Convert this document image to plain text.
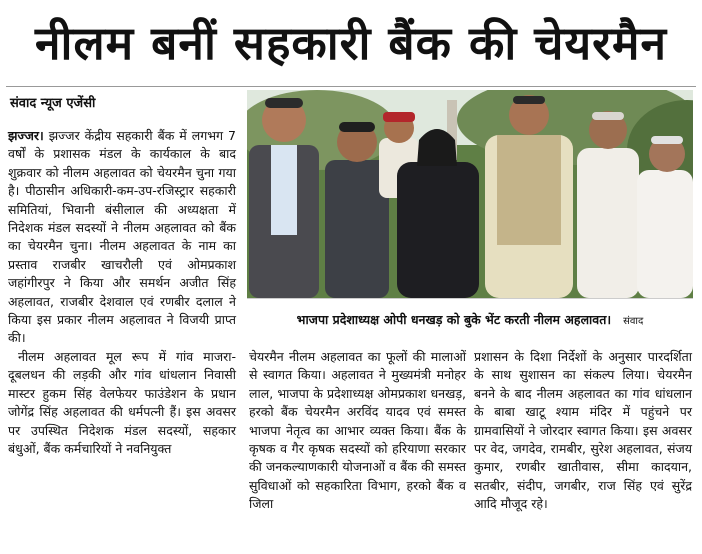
नीलम बनीं सहकारी बैंक की चेयरमैन
संवाद न्यूज एजेंसी

झज्जर। झज्जर केंद्रीय सहकारी बैंक में लगभग 7 वर्षों के प्रशासक मंडल के कार्यकाल के बाद शुक्रवार को नीलम अहलावत को चेयरमैन चुना गया है। पीठासीन अधिकारी-कम-उप-रजिस्ट्रार सहकारी समितियां, भिवानी बंसीलाल की अध्यक्षता में निदेशक मंडल सदस्यों ने नीलम अहलावत को बैंक का चेयरमैन चुना। नीलम अहलावत के नाम का प्रस्ताव राजबीर खाचरौली एवं ओमप्रकाश जहांगीरपुर ने किया और समर्थन अजीत सिंह अहलावत, राजबीर देशवाल एवं रणबीर दलाल ने किया इस प्रकार नीलम अहलावत ने विजयी प्राप्त की।

नीलम अहलावत मूल रूप में गांव माजरा-दूबलधन की लड़की और गांव धांधलान निवासी मास्टर हुकम सिंह वेलफेयर फाउंडेशन के प्रधान जोगेंद्र सिंह अहलावत की धर्मपत्नी हैं। इस अवसर पर उपस्थित निदेशक मंडल सदस्यों, सहकार बंधुओं, बैंक कर्मचारियों ने नवनियुक्त

भाजपा प्रदेशाध्यक्ष ओपी धनखड़ को बुके भेंट करती नीलम अहलावत। संवाद

चेयरमैन नीलम अहलावत का फूलों की मालाओं से स्वागत किया। अहलावत ने मुख्यमंत्री मनोहर लाल, भाजपा के प्रदेशाध्यक्ष ओमप्रकाश धनखड़, हरको बैंक चेयरमैन अरविंद यादव एवं समस्त भाजपा नेतृत्व का आभार व्यक्त किया। बैंक के कृषक व गैर कृषक सदस्यों को हरियाणा सरकार की जनकल्याणकारी योजनाओं व बैंक की समस्त सुविधाओं को सहकारिता विभाग, हरको बैंक व जिला

प्रशासन के दिशा निर्देशों के अनुसार पारदर्शिता के साथ सुशासन का संकल्प लिया। चेयरमैन बनने के बाद नीलम अहलावत का गांव धांधलान के बाबा खाटू श्याम मंदिर में पहुंचने पर ग्रामवासियों ने जोरदार स्वागत किया। इस अवसर पर वेद, जगदेव, रामबीर, सुरेश अहलावत, संजय कुमार, रणबीर खातीवास, सीमा कादयान, सतबीर, संदीप, जगबीर, राज सिंह एवं सुरेंद्र आदि मौजूद रहे।
